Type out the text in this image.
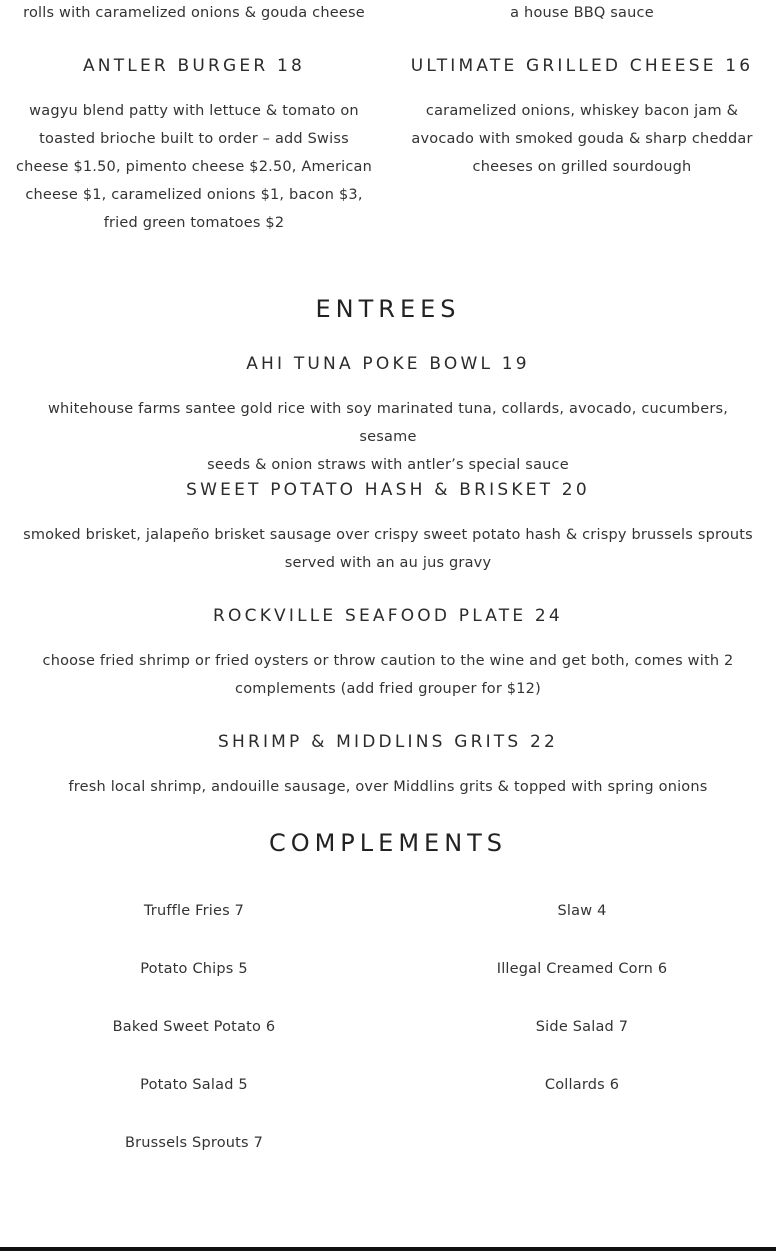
rolls with caramelized onions & gouda cheese	a house BBQ sauce
ANTLER BURGER 18
wagyu blend patty with lettuce & tomato on
toasted brioche built to order – add Swiss
cheese $1.50, pimento cheese $2.50, American
cheese $1, caramelized onions $1, bacon $3,
fried green tomatoes $2
ULTIMATE GRILLED CHEESE 16
caramelized onions, whiskey bacon jam &
avocado with smoked gouda & sharp cheddar
cheeses on grilled sourdough
ENTREES
AHI TUNA POKE BOWL 19
whitehouse farms santee gold rice with soy marinated tuna, collards, avocado, cucumbers, sesame
seeds & onion straws with antler’s special sauce
SWEET POTATO HASH & BRISKET 20
smoked brisket, jalapeño brisket sausage over crispy sweet potato hash & crispy brussels sprouts
served with an au jus gravy
ROCKVILLE SEAFOOD PLATE 24
choose fried shrimp or fried oysters or throw caution to the wine and get both, comes with 2
complements (add fried grouper for $12)
SHRIMP & MIDDLINS GRITS 22
fresh local shrimp, andouille sausage, over Middlins grits & topped with spring onions
COMPLEMENTS
Truffle Fries 7
Potato Chips 5
Baked Sweet Potato 6
Potato Salad 5
Brussels Sprouts 7
Slaw 4
Illegal Creamed Corn 6
Side Salad 7
Collards 6
